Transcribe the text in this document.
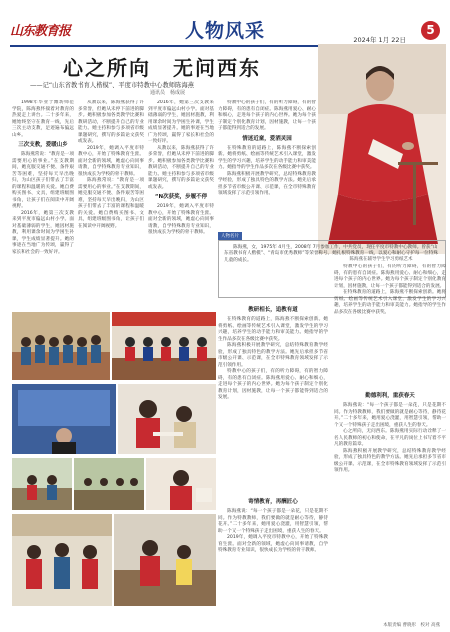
山东教育报	人物风采	2024年 1月 22日
5
心之所向　无问西东
——记“山东省教书育人楷模”、平度市特教中心教师陈海燕
通讯员　杨成展
陈海燕在辅导学生学习剪纸艺术

1998年毕业于潍坊师范学院，陈海燕怀揣着对教育的热爱走上讲台。二十多年来，她始终坚守在教育一线，先后三次主动支教，足迹遍布偏远山乡。

三次支教，爱暖山乡

陈海燕常说：“教育是一项需要用心的事业。”在支教期间，她克服交通不便、条件艰苦等困难，坚持每天早出晚归，为山区孩子们带去了丰富的课程和温暖的关爱。她自费购买图书、文具，组建班级图书角，让孩子们在阅读中开阔视野。

2016年，她第三次支教来到平度市偏远山村小学。面对基础薄弱的学生，她因材施教，利用课余时间为学困生补课，学生成绩显著提升。她的事迹在当地广为传颂，赢得了家长和社会的一致好评。

从教以来，陈海燕获得了许多荣誉，但她从未停下前进的脚步。她积极参加各类教学比赛和教研活动，不断提升自己的专业能力。她主持和参与多项省市级课题研究，撰写的多篇论文获奖或发表。

2019年，她调入平度市特教中心，开始了特殊教育生涯。面对全新的领域，她虚心向同事请教，自学特殊教育专业知识，很快成长为学校的骨干教师。

陈海燕常说：“教育是一项需要用心的事业。”在支教期间，她克服交通不便、条件艰苦等困难，坚持每天早出晚归，为山区孩子们带去了丰富的课程和温暖的关爱。她自费购买图书、文具，组建班级图书角，让孩子们在阅读中开阔视野。

2016年，她第三次支教来到平度市偏远山村小学。面对基础薄弱的学生，她因材施教，利用课余时间为学困生补课，学生成绩显著提升。她的事迹在当地广为传颂，赢得了家长和社会的一致好评。

从教以来，陈海燕获得了许多荣誉，但她从未停下前进的脚步。她积极参加各类教学比赛和教研活动，不断提升自己的专业能力。她主持和参与多项省市级课题研究，撰写的多篇论文获奖或发表。

“N次获奖，步履不停

2019年，她调入平度市特教中心，开始了特殊教育生涯。面对全新的领域，她虚心向同事请教，自学特殊教育专业知识，很快成长为学校的骨干教师。

特教中心的孩子们，有的听力障碍，有的智力障碍，有的患有自闭症。陈海燕用爱心、耐心和细心，走进每个孩子的内心世界。她为每个孩子制定个别化教育计划，因材施教，让每一个孩子都能得到适合的发展。

情迷近童，爱洒灵园

在特殊教育的道路上，陈海燕不断探索创新。她将剪纸、绘画等传统艺术引入课堂，激发学生的学习兴趣，培养学生的动手能力和审美能力。她指导的学生作品多次在各级比赛中获奖。

陈海燕积极开展教学研究，总结特殊教育教学经验，形成了独具特色的教学方法。她先后承担多节省市级公开课、示范课，在全市特殊教育领域发挥了示范引领作用。

陈海燕，女，1975年 4月生，2008年 7月参加工作，中共党员，现任平度市特教中心教师。曾获“山东省教书育人楷模”、“青岛市优秀教师”等荣誉称号。她扎根特殊教育一线，以爱心和耐心守护每一位特殊儿童的成长。

人物名片
教研相长，追教有道

在特殊教育的道路上，陈海燕不断探索创新。她将剪纸、绘画等传统艺术引入课堂，激发学生的学习兴趣，培养学生的动手能力和审美能力。她指导的学生作品多次在各级比赛中获奖。

陈海燕积极开展教学研究，总结特殊教育教学经验，形成了独具特色的教学方法。她先后承担多节省市级公开课、示范课，在全市特殊教育领域发挥了示范引领作用。

特教中心的孩子们，有的听力障碍，有的智力障碍，有的患有自闭症。陈海燕用爱心、耐心和细心，走进每个孩子的内心世界。她为每个孩子制定个别化教育计划，因材施教，让每一个孩子都能得到适合的发展。

寄情教育，再酬匠心

陈海燕说：“每一个孩子都是一朵花，只是花期不同。作为特教教师，我们要做的就是耐心等待，静待花开。”二十多年来，她用爱心浇灌，用智慧引领，帮助一个又一个特殊孩子走出困境，重获人生的春天。

2019年，她调入平度市特教中心，开始了特殊教育生涯。面对全新的领域，她虚心向同事请教，自学特殊教育专业知识，很快成长为学校的骨干教师。

特教中心的孩子们，有的听力障碍，有的智力障碍，有的患有自闭症。陈海燕用爱心、耐心和细心，走进每个孩子的内心世界。她为每个孩子制定个别化教育计划，因材施教，让每一个孩子都能得到适合的发展。

在特殊教育的道路上，陈海燕不断探索创新。她将剪纸、绘画等传统艺术引入课堂，激发学生的学习兴趣，培养学生的动手能力和审美能力。她指导的学生作品多次在各级比赛中获奖。

勤德利利，重获春天

陈海燕说：“每一个孩子都是一朵花，只是花期不同。作为特教教师，我们要做的就是耐心等待，静待花开。”二十多年来，她用爱心浇灌，用智慧引领，帮助一个又一个特殊孩子走出困境，重获人生的春天。

心之所向，无问西东。陈海燕用实际行动诠释了一名人民教师的初心和使命，在平凡的岗位上书写着不平凡的教育篇章。

陈海燕积极开展教学研究，总结特殊教育教学经验，形成了独具特色的教学方法。她先后承担多节省市级公开课、示范课，在全市特殊教育领域发挥了示范引领作用。

本版责编 曹晓彤　校对 高燕
